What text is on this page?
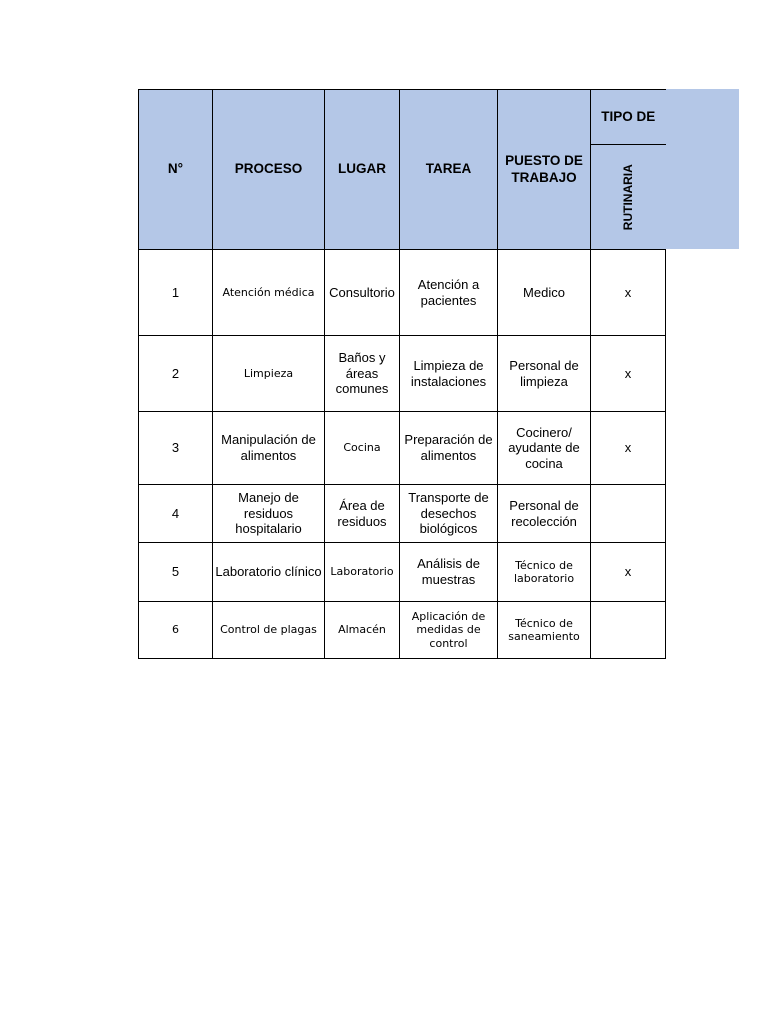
N°	PROCESO	LUGAR	TAREA	PUESTO DE TRABAJO	TIPO DE
					RUTINARIA
1	Atención médica	Consultorio	Atención a pacientes	Medico	x
2	Limpieza	Baños y áreas comunes	Limpieza de instalaciones	Personal de limpieza	x
3	Manipulación de alimentos	Cocina	Preparación de alimentos	Cocinero/ ayudante de cocina	x
4	Manejo de residuos hospitalario	Área de residuos	Transporte de desechos biológicos	Personal de recolección	
5	Laboratorio clínico	Laboratorio	Análisis de muestras	Técnico de laboratorio	x
6	Control de plagas	Almacén	Aplicación de medidas de control	Técnico de saneamiento	
